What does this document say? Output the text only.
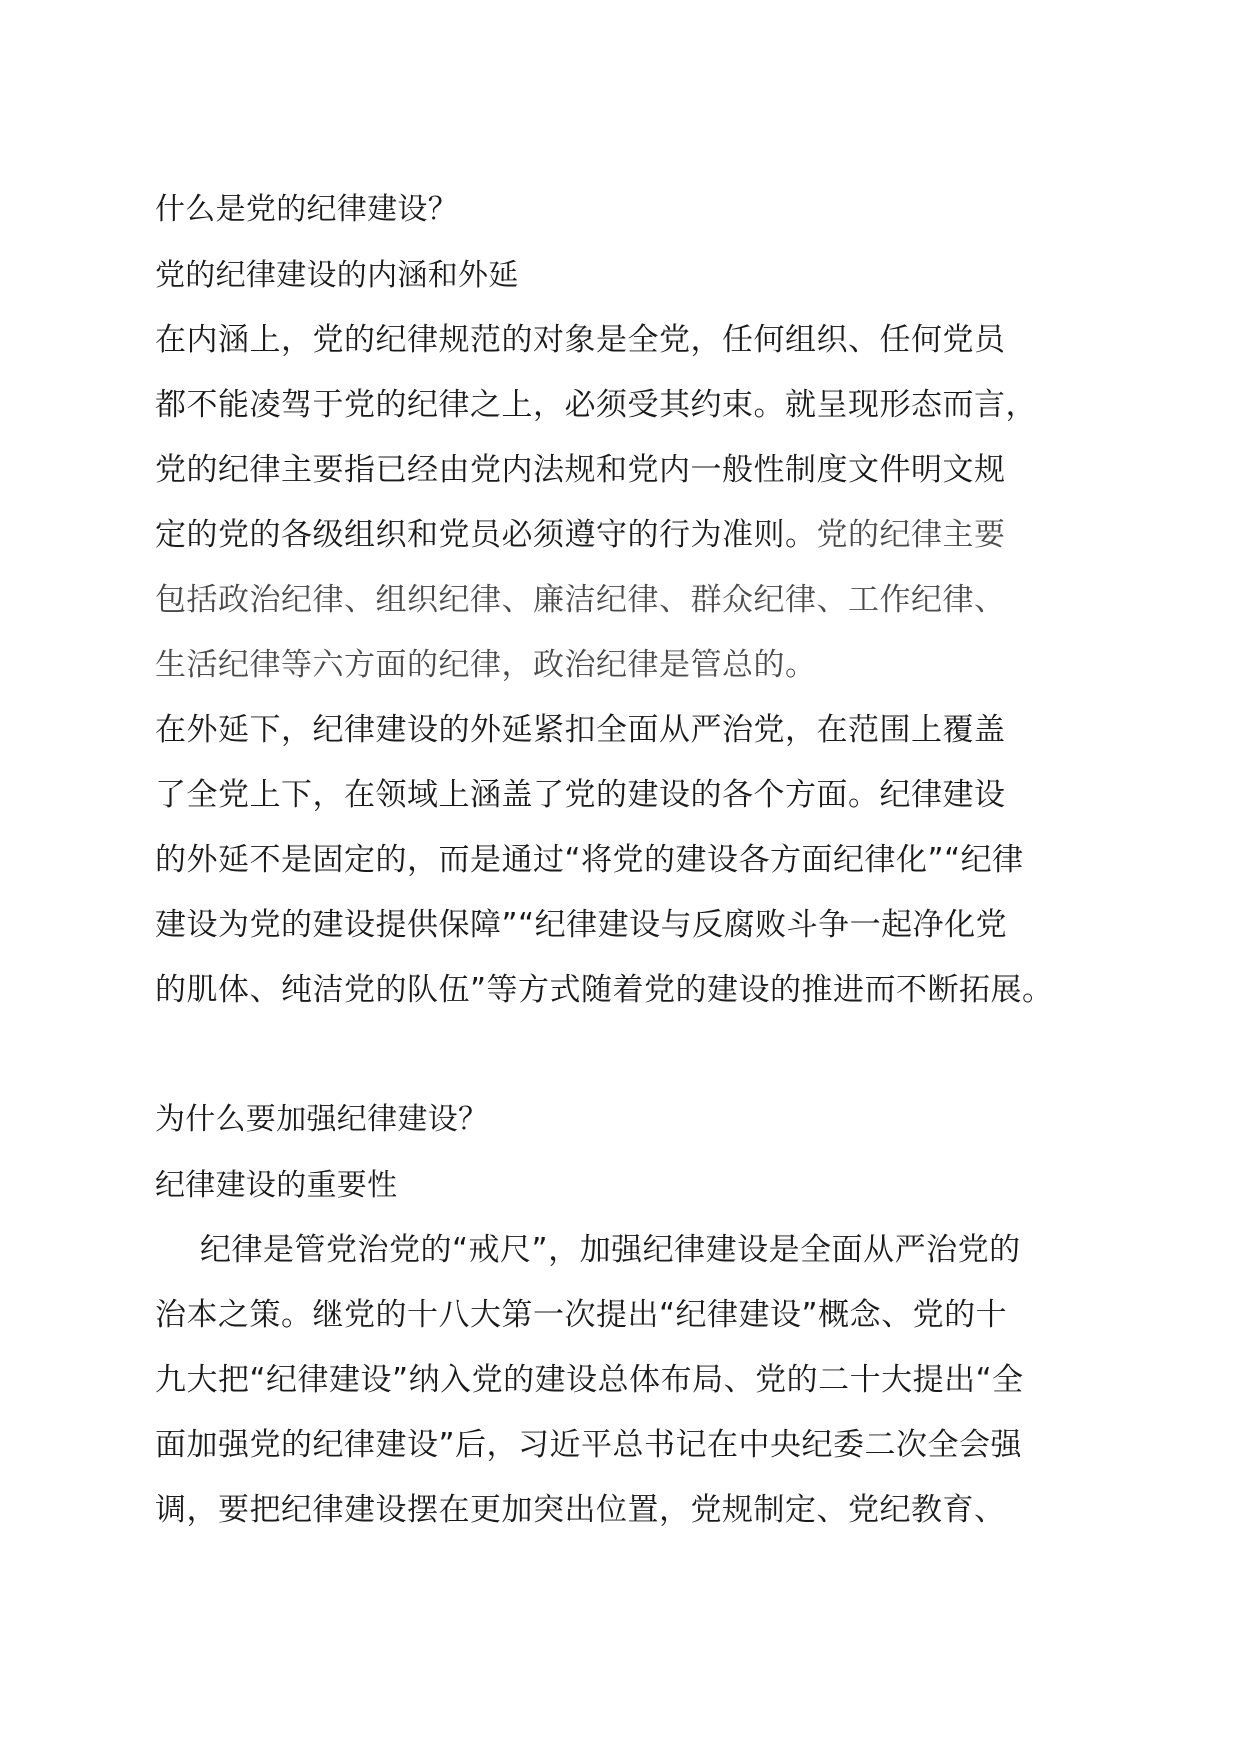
什么是党的纪律建设？
党的纪律建设的内涵和外延
在内涵上，党的纪律规范的对象是全党，任何组织、任何党员
都不能凌驾于党的纪律之上，必须受其约束。就呈现形态而言，
党的纪律主要指已经由党内法规和党内一般性制度文件明文规
定的党的各级组织和党员必须遵守的行为准则。党的纪律主要
包括政治纪律、组织纪律、廉洁纪律、群众纪律、工作纪律、
生活纪律等六方面的纪律，政治纪律是管总的。
在外延下，纪律建设的外延紧扣全面从严治党，在范围上覆盖
了全党上下，在领域上涵盖了党的建设的各个方面。纪律建设
的外延不是固定的，而是通过“将党的建设各方面纪律化”“纪律
建设为党的建设提供保障”“纪律建设与反腐败斗争一起净化党
的肌体、纯洁党的队伍”等方式随着党的建设的推进而不断拓展。
为什么要加强纪律建设？
纪律建设的重要性
纪律是管党治党的“戒尺”，加强纪律建设是全面从严治党的
治本之策。继党的十八大第一次提出“纪律建设”概念、党的十
九大把“纪律建设”纳入党的建设总体布局、党的二十大提出“全
面加强党的纪律建设”后，习近平总书记在中央纪委二次全会强
调，要把纪律建设摆在更加突出位置，党规制定、党纪教育、
